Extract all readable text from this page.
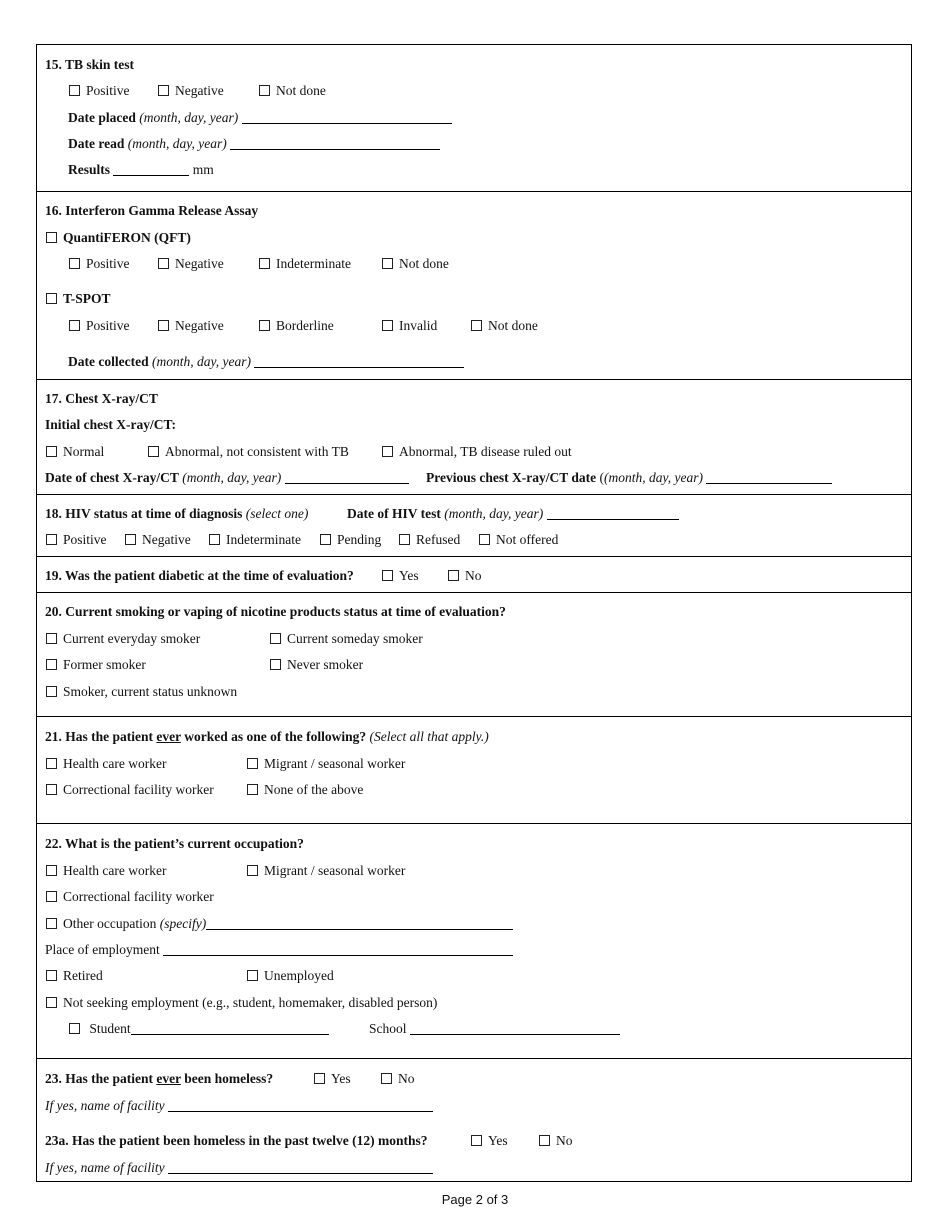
15. TB skin test
Positive	Negative	Not done
Date placed (month, day, year)
Date read (month, day, year)
Results	mm
16. Interferon Gamma Release Assay
QuantiFERON (QFT)
Positive	Negative	Indeterminate	Not done
T-SPOT
Positive	Negative	Borderline	Invalid	Not done
Date collected (month, day, year)
17. Chest X-ray/CT
Initial chest X-ray/CT:
Normal	Abnormal, not consistent with TB	Abnormal, TB disease ruled out
Date of chest X-ray/CT (month, day, year)	Previous chest X-ray/CT date ((month, day, year)
18. HIV status at time of diagnosis (select one)	Date of HIV test (month, day, year)
Positive	Negative	Indeterminate	Pending	Refused	Not offered
19. Was the patient diabetic at the time of evaluation?	Yes	No
20. Current smoking or vaping of nicotine products status at time of evaluation?
Current everyday smoker	Current someday smoker
Former smoker	Never smoker
Smoker, current status unknown
21. Has the patient ever worked as one of the following? (Select all that apply.)
Health care worker	Migrant / seasonal worker
Correctional facility worker	None of the above
22. What is the patient’s current occupation?
Health care worker	Migrant / seasonal worker
Correctional facility worker
Other occupation (specify)
Place of employment
Retired	Unemployed
Not seeking employment (e.g., student, homemaker, disabled person)
Student	School
23. Has the patient ever been homeless?	Yes	No
If yes, name of facility
23a. Has the patient been homeless in the past twelve (12) months?	Yes	No
If yes, name of facility
Page 2 of 3
